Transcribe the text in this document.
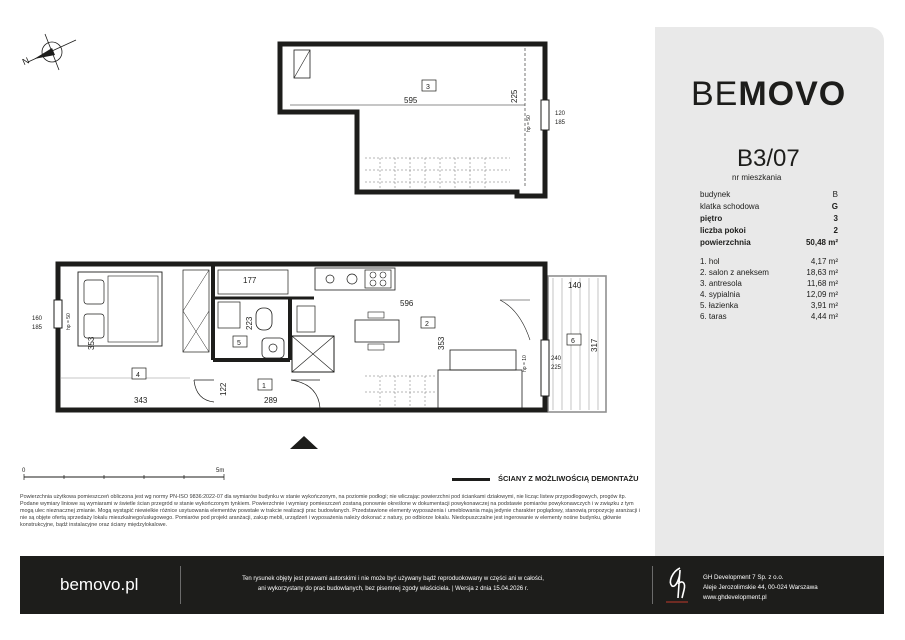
N
3
595	225
hp = 50
120
185
4
5
1
2
6
177
596
223
353
353
343	289
122
140
317
hp = 10	240
225
160
185	hp = 50
0	5m
BEMOVO
B3/07
nr mieszkania
budynek	B
klatka schodowa	G
piętro	3
liczba pokoi	2
powierzchnia	50,48 m²
1. hol	4,17 m²
2. salon z aneksem	18,63 m²
3. antresola	11,68 m²
4. sypialnia	12,09 m²
5. łazienka	3,91 m²
6. taras	4,44 m²
ŚCIANY Z MOŻLIWOŚCIĄ DEMONTAŻU
Powierzchnia użytkowa pomieszczeń obliczona jest wg normy PN-ISO 9836:2022-07 dla wymiarów budynku w stanie wykończonym, na poziomie podłogi; nie wliczając powierzchni pod ściankami działowymi, nie licząc listew przypodłogowych, progów itp. Podane wymiary liniowe są wymiarami w świetle ścian przegród w stanie wykończonym tynkiem. Powierzchnie i wymiary pomieszczeń zostaną ponownie określone w dokumentacji powykonawczej na podstawie pomiarów powykonawczych i w związku z tym mogą ulec nieznacznej zmianie. Mogą wystąpić niewielkie różnice usytuowania elementów powstałe w trakcie realizacji prac budowlanych. Przedstawione elementy wyposażenia i umeblowania mają jedynie charakter poglądowy, stanowią propozycję aranżacji i nie są objęte ofertą sprzedaży lokalu mieszkalnego/usługowego. Pomiarów pod projekt aranżacji, zakup mebli, urządzeń i wyposażenia należy dokonać z natury, po odbiorze lokalu. Niedopuszczalne jest ingerowanie w elementy nośne budynku, głównie konstrukcyjne, bądź instalacyjne oraz ściany międzylokalowe.
bemovo.pl	Ten rysunek objęty jest prawami autorskimi i nie może być używany bądź reproduokowany w części ani w całości,
ani wykorzystany do prac budowlanych, bez pisemnej zgody właściciela. | Wersja z dnia 15.04.2026 r.
GH Development 7 Sp. z o.o.
Aleje Jerozolimskie 44, 00-024 Warszawa
www.ghdevelopment.pl
